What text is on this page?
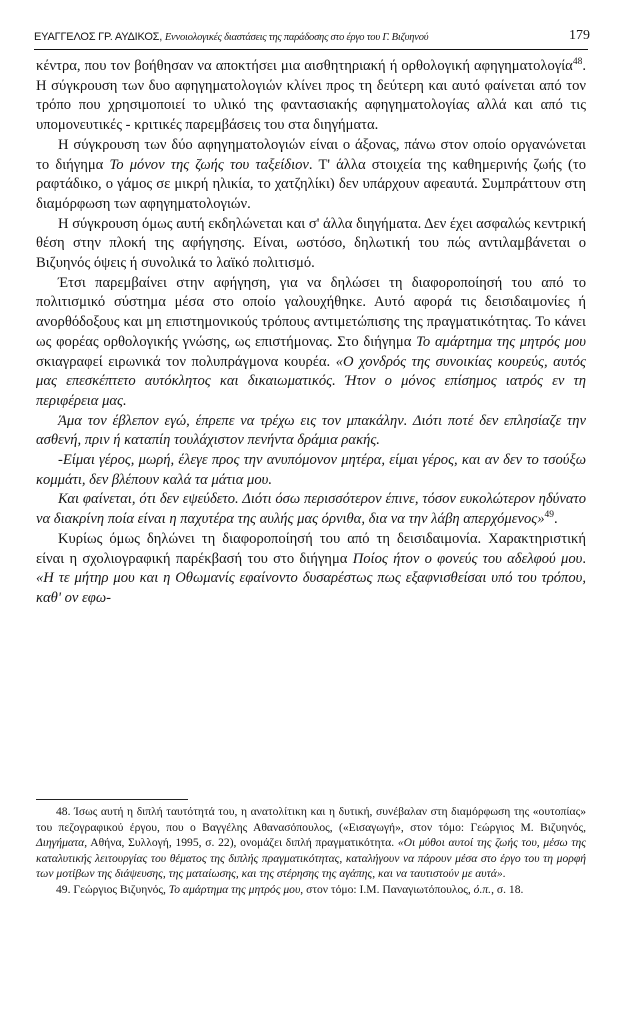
ΕΥΑΓΓΕΛΟΣ ΓΡ. ΑΥΔΙΚΟΣ, Εννοιολογικές διαστάσεις της παράδοσης στο έργο του Γ. Βιζυηνού	179

κέντρα, που τον βοήθησαν να αποκτήσει μια αισθητηριακή ή ορθολογική αφηγηματολογία$^{48}$. Η σύγκρουση των δυο αφηγηματολογιών κλίνει προς τη δεύτερη και αυτό φαίνεται από τον τρόπο που χρησιμοποιεί το υλικό της φαντασιακής αφηγηματολογίας αλλά και από τις υπομονευτικές - κριτικές παρεμβάσεις του στα διηγήματα.

Η σύγκρουση των δύο αφηγηματολογιών είναι ο άξονας, πάνω στον οποίο οργανώνεται το διήγημα Το μόνον της ζωής του ταξείδιον. Τ' άλλα στοιχεία της καθημερινής ζωής (το ραφτάδικο, ο γάμος σε μικρή ηλικία, το χατζηλίκι) δεν υπάρχουν αφεαυτά. Συμπράττουν στη διαμόρφωση των αφηγηματολογιών.

Η σύγκρουση όμως αυτή εκδηλώνεται και σ' άλλα διηγήματα. Δεν έχει ασφαλώς κεντρική θέση στην πλοκή της αφήγησης. Είναι, ωστόσο, δηλωτική του πώς αντιλαμβάνεται ο Βιζυηνός όψεις ή συνολικά το λαϊκό πολιτισμό.

Έτσι παρεμβαίνει στην αφήγηση, για να δηλώσει τη διαφοροποίησή του από το πολιτισμικό σύστημα μέσα στο οποίο γαλουχήθηκε. Αυτό αφορά τις δεισιδαιμονίες ή ανορθόδοξους και μη επιστημονικούς τρόπους αντιμετώπισης της πραγματικότητας. Το κάνει ως φορέας ορθολογικής γνώσης, ως επιστήμονας. Στο διήγημα Το αμάρτημα της μητρός μου σκιαγραφεί ειρωνικά τον πολυπράγμονα κουρέα. «Ο χονδρός της συνοικίας κουρεύς, αυτός μας επεσκέπτετο αυτόκλητος και δικαιωματικός. Ήτον ο μόνος επίσημος ιατρός εν τη περιφέρεια μας.

Άμα τον έβλεπον εγώ, έπρεπε να τρέχω εις τον μπακάλην. Διότι ποτέ δεν επλησίαζε την ασθενή, πριν ή καταπίη τουλάχιστον πενήντα δράμια ρακής.

-Είμαι γέρος, μωρή, έλεγε προς την ανυπόμονον μητέρα, είμαι γέρος, και αν δεν το τσούξω κομμάτι, δεν βλέπουν καλά τα μάτια μου.

Και φαίνεται, ότι δεν εψεύδετο. Διότι όσω περισσότερον έπινε, τόσον ευκολώτερον ηδύνατο να διακρίνη ποία είναι η παχυτέρα της αυλής μας όρνιθα, δια να την λάβη απερχόμενος»$^{49}$.

Κυρίως όμως δηλώνει τη διαφοροποίησή του από τη δεισιδαιμονία. Χαρακτηριστική είναι η σχολιογραφική παρέκβασή του στο διήγημα Ποίος ήτον ο φονεύς του αδελφού μου. «Η τε μήτηρ μου και η Οθωμανίς εφαίνοντο δυσαρέστως πως εξαφνισθείσαι υπό του τρόπου, καθ' ον εφω-

48. Ίσως αυτή η διπλή ταυτότητά του, η ανατολίτικη και η δυτική, συνέβαλαν στη διαμόρφωση της «ουτοπίας» του πεζογραφικού έργου, που ο Βαγγέλης Αθανασόπουλος, («Εισαγωγή», στον τόμο: Γεώργιος Μ. Βιζυηνός, Διηγήματα, Αθήνα, Συλλογή, 1995, σ. 22), ονομάζει διπλή πραγματικότητα. «Οι μύθοι αυτοί της ζωής του, μέσω της καταλυτικής λειτουργίας του θέματος της διπλής πραγματικότητας, καταλήγουν να πάρουν μέσα στο έργο του τη μορφή των μοτίβων της διάψευσης, της ματαίωσης, και της στέρησης της αγάπης, και να ταυτιστούν με αυτά».

49. Γεώργιος Βιζυηνός, Το αμάρτημα της μητρός μου, στον τόμο: Ι.Μ. Παναγιωτόπουλος, ό.π., σ. 18.
